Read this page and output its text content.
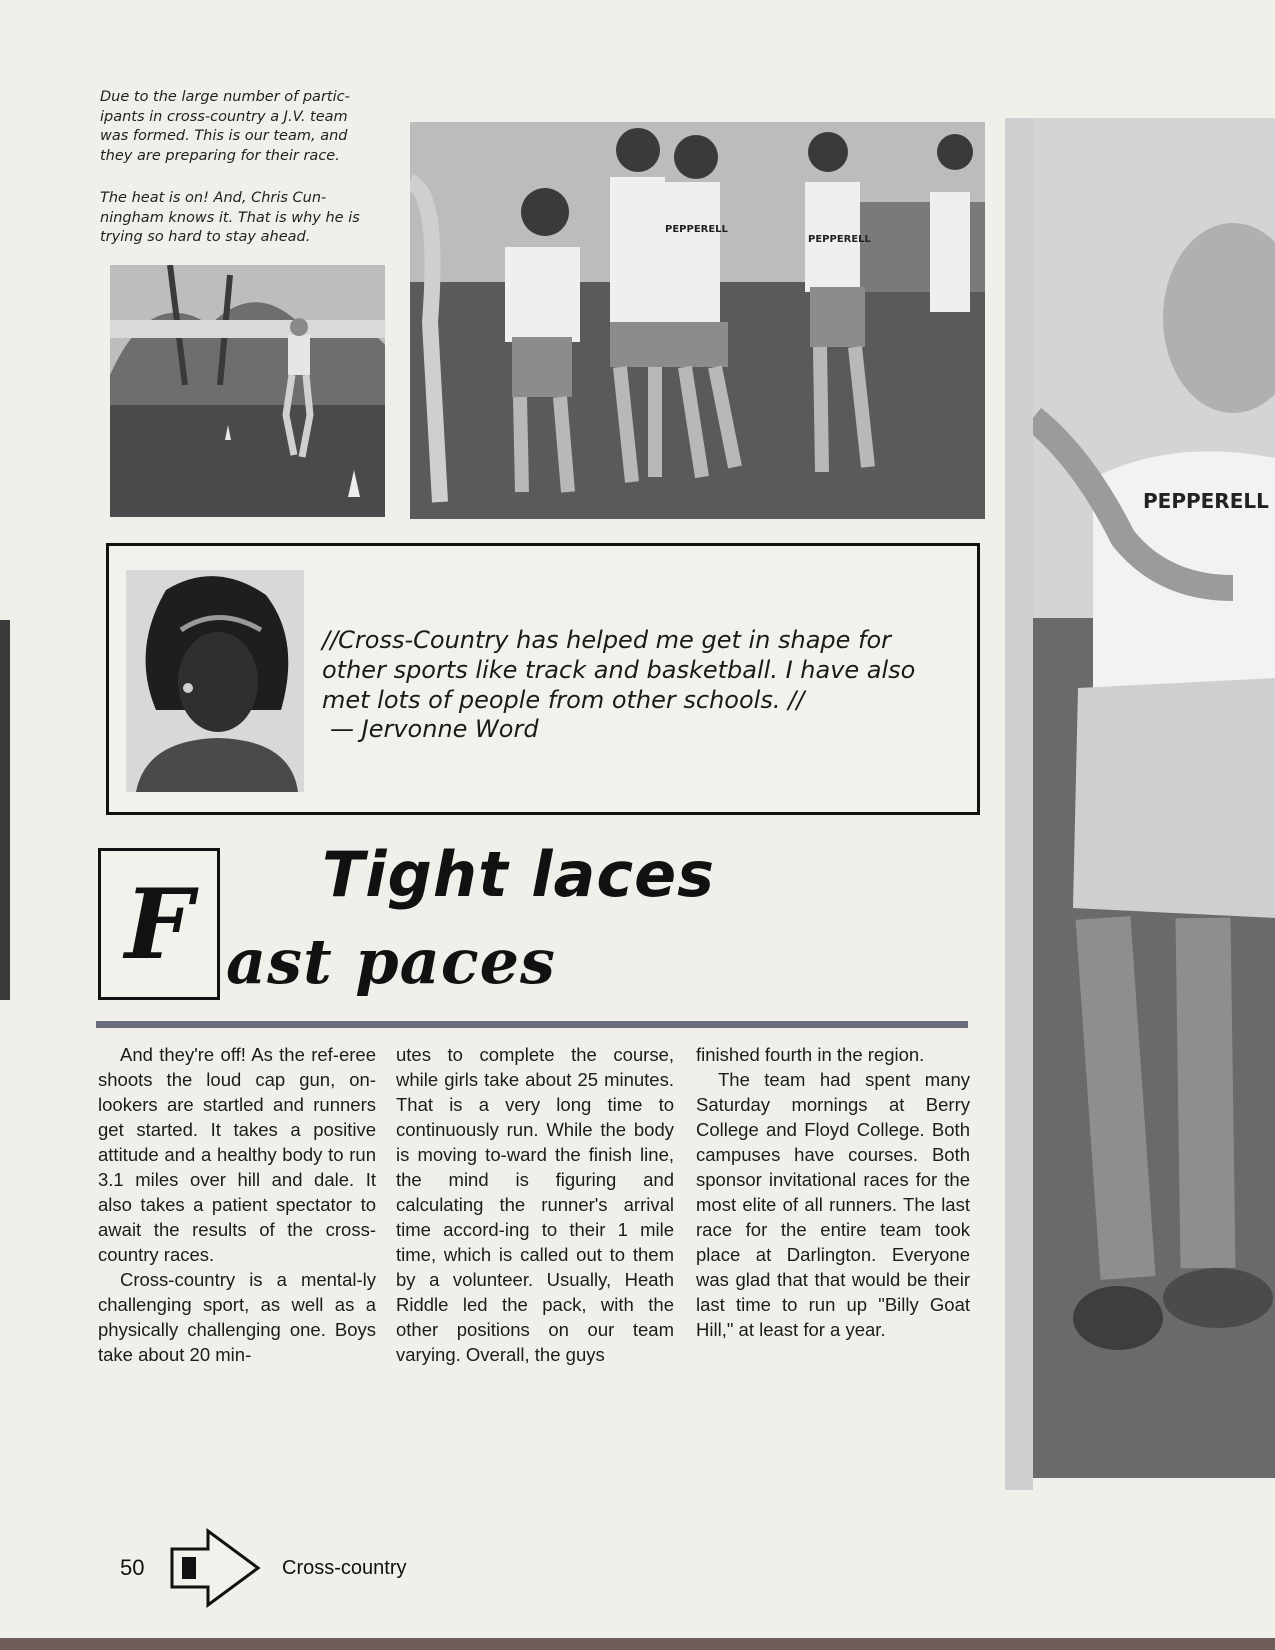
Due to the large number of partic-ipants in cross-country a J.V. team was formed. This is our team, and they are preparing for their race.

The heat is on! And, Chris Cun-ningham knows it. That is why he is trying so hard to stay ahead.	PEPPERELL
PEPPERELL

//Cross-Country has helped me get in shape for other sports like track and basketball. I have also met lots of people from other schools. //

— Jervonne Word
F Tight laces
ast paces

And they're off! As the ref-eree shoots the loud cap gun, on-lookers are startled and runners get started. It takes a positive attitude and a healthy body to run 3.1 miles over hill and dale. It also takes a patient spectator to await the results of the cross-country races.

Cross-country is a mental-ly challenging sport, as well as a physically challenging one. Boys take about 20 min-

utes to complete the course, while girls take about 25 minutes. That is a very long time to continuously run. While the body is moving to-ward the finish line, the mind is figuring and calculating the runner's arrival time accord-ing to their 1 mile time, which is called out to them by a volunteer. Usually, Heath Riddle led the pack, with the other positions on our team varying. Overall, the guys

finished fourth in the region.

The team had spent many Saturday mornings at Berry College and Floyd College. Both campuses have courses. Both sponsor invitational races for the most elite of all runners. The last race for the entire team took place at Darlington. Everyone was glad that that would be their last time to run up "Billy Goat Hill," at least for a year.

PEPPERELL
50	Cross-country
